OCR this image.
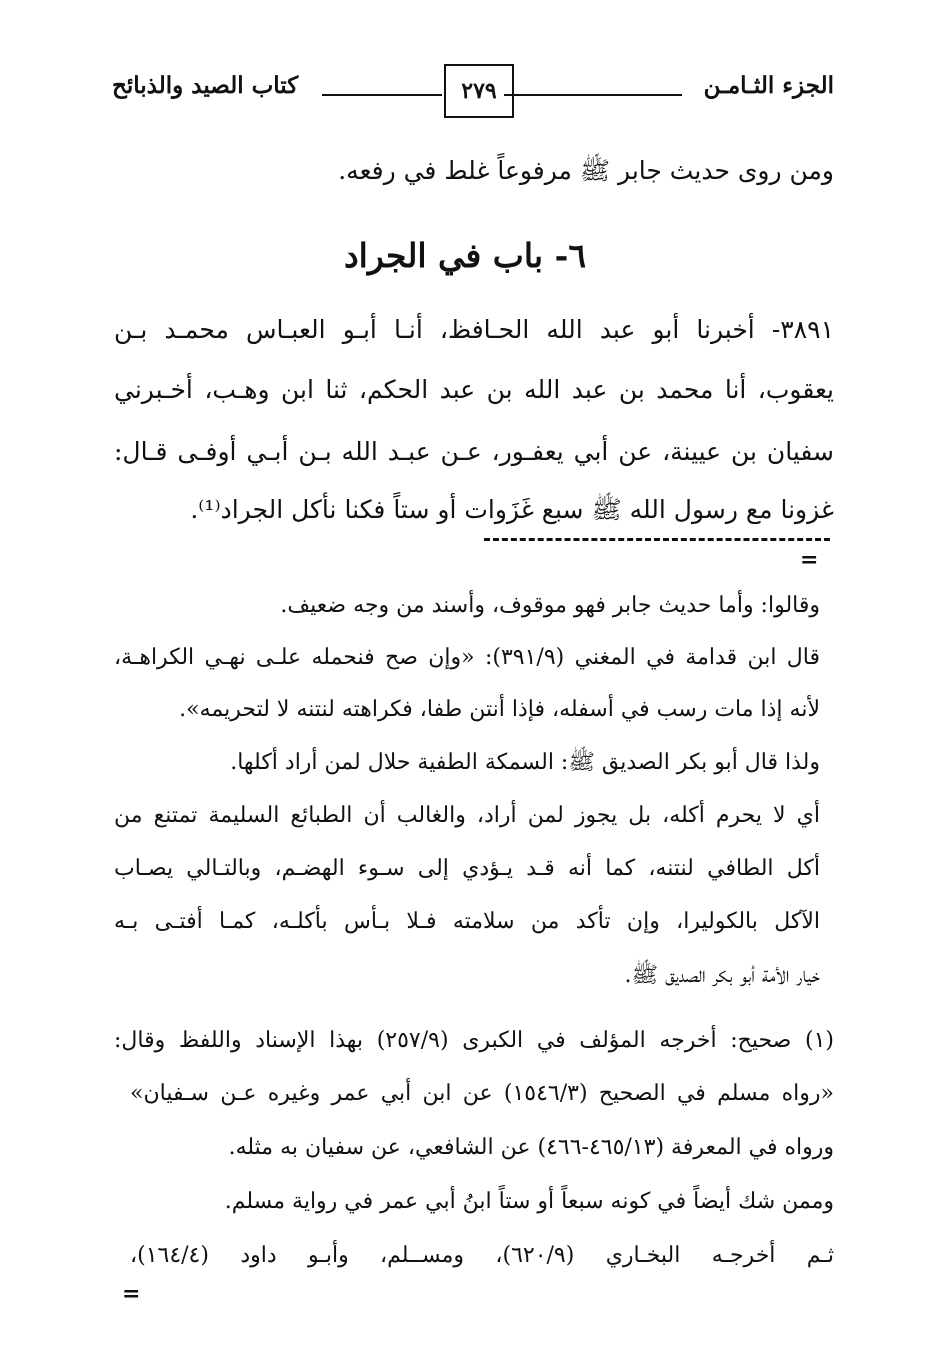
الجزء الثـامـن
٢٧٩
كتاب الصيد والذبائح
ومن روى حديث جابر ﷺ مرفوعاً غلط في رفعه.
٦- باب في الجراد
٣٨٩١- أخبرنا أبو عبد الله الحـافظ، أنـا أبـو العبـاس محمـد بـن
يعقوب، أنا محمد بن عبد الله بن عبد الحكم، ثنا ابن وهـب، أخـبرني
سفيان بن عيينة، عن أبي يعفـور، عـن عبـد الله بـن أبـي أوفـى قـال:
غزونا مع رسول الله ﷺ سبع غَزَوات أو ستاً فكنا نأكل الجراد⁽¹⁾.
=
وقالوا: وأما حديث جابر فهو موقوف، وأسند من وجه ضعيف.
قال ابن قدامة في المغني (٣٩١/٩): «وإن صح فنحمله علـى نهـي الكراهـة،
لأنه إذا مات رسب في أسفله، فإذا أنتن طفا، فكراهته لنتنه لا لتحريمه».
ولذا قال أبو بكر الصديق ﷺ: السمكة الطفية حلال لمن أراد أكلها.
أي لا يحرم أكله، بل يجوز لمن أراد، والغالب أن الطبائع السليمة تمتنع من
أكل الطافي لنتنه، كما أنه قـد يـؤدي إلى سـوء الهضـم، وبالتـالي يصـاب
الآكل بالكوليرا، وإن تأكد من سلامته فـلا بـأس بأكلـه، كمـا أفتـى بـه
خيار الأمة أبو بكر الصديق ﷺ.
(١) صحيح: أخرجه المؤلف في الكبرى (٢٥٧/٩) بهذا الإسناد واللفظ وقال:
«رواه مسلم في الصحيح (١٥٤٦/٣) عن ابن أبي عمر وغيره عـن سـفيان»
ورواه في المعرفة (٤٦٥/١٣-٤٦٦) عن الشافعي، عن سفيان به مثله.
وممن شك أيضاً في كونه سبعاً أو ستاً ابنُ أبي عمر في رواية مسلم.
ثـم أخرجـه البخـاري (٦٢٠/٩)، ومســلم، وأبـو داود (١٦٤/٤)،
=
